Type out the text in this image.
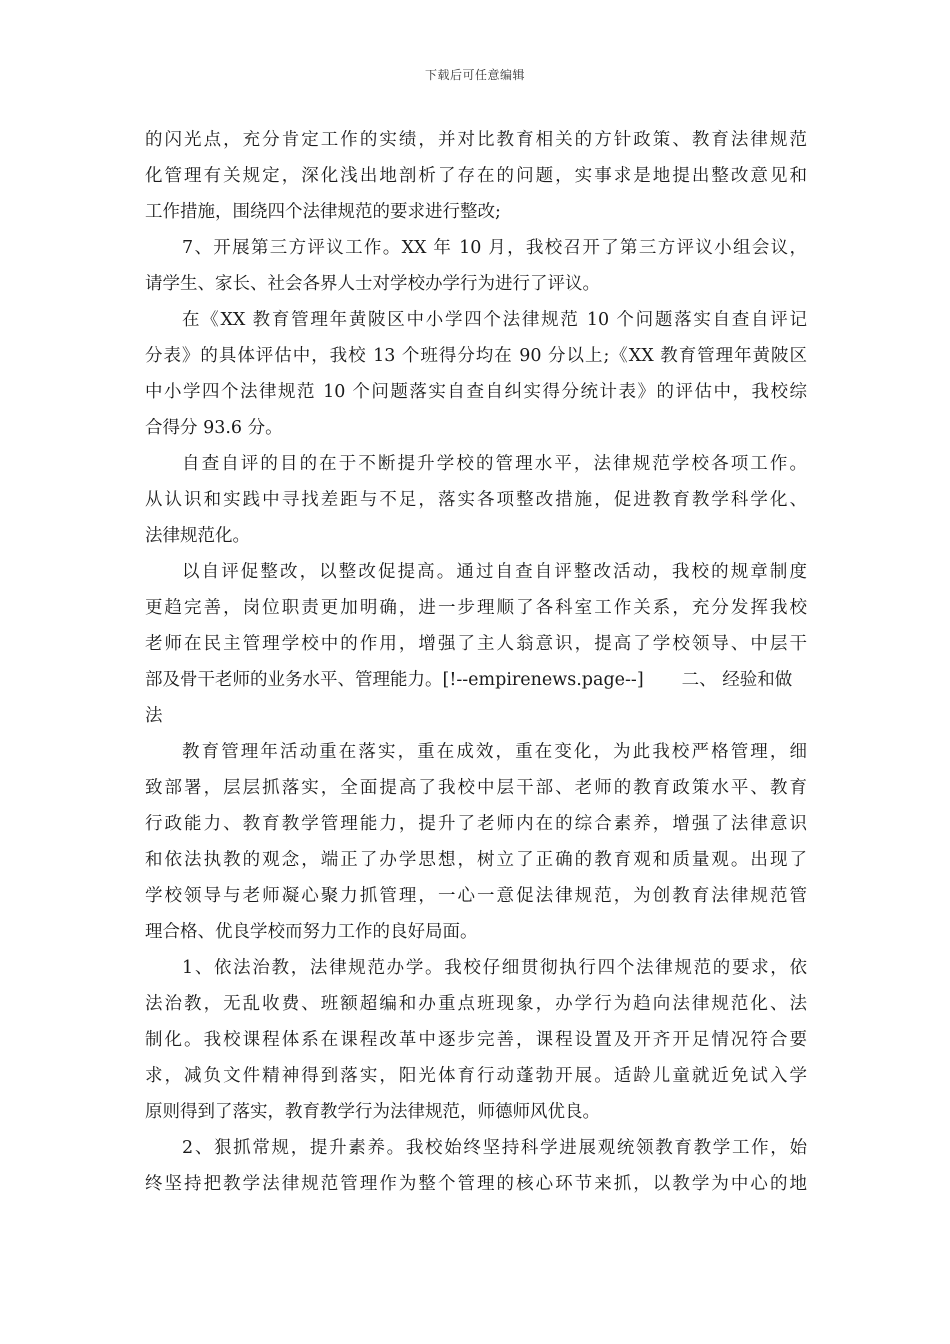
下载后可任意编辑
的闪光点，充分肯定工作的实绩，并对比教育相关的方针政策、教育法律规范
化管理有关规定，深化浅出地剖析了存在的问题，实事求是地提出整改意见和
工作措施，围绕四个法律规范的要求进行整改;
7、开展第三方评议工作。XX 年 10 月，我校召开了第三方评议小组会议，
请学生、家长、社会各界人士对学校办学行为进行了评议。
在《XX 教育管理年黄陂区中小学四个法律规范 10 个问题落实自查自评记
分表》的具体评估中，我校 13 个班得分均在 90 分以上;《XX 教育管理年黄陂区
中小学四个法律规范 10 个问题落实自查自纠实得分统计表》的评估中，我校综
合得分 93.6 分。
自查自评的目的在于不断提升学校的管理水平，法律规范学校各项工作。
从认识和实践中寻找差距与不足，落实各项整改措施，促进教育教学科学化、
法律规范化。
以自评促整改，以整改促提高。通过自查自评整改活动，我校的规章制度
更趋完善，岗位职责更加明确，进一步理顺了各科室工作关系，充分发挥我校
老师在民主管理学校中的作用，增强了主人翁意识，提高了学校领导、中层干
部及骨干老师的业务水平、管理能力。[!--empirenews.page--] 二、 经验和做
法
教育管理年活动重在落实，重在成效，重在变化，为此我校严格管理，细
致部署，层层抓落实，全面提高了我校中层干部、老师的教育政策水平、教育
行政能力、教育教学管理能力，提升了老师内在的综合素养，增强了法律意识
和依法执教的观念，端正了办学思想，树立了正确的教育观和质量观。出现了
学校领导与老师凝心聚力抓管理，一心一意促法律规范，为创教育法律规范管
理合格、优良学校而努力工作的良好局面。
1、依法治教，法律规范办学。我校仔细贯彻执行四个法律规范的要求，依
法治教，无乱收费、班额超编和办重点班现象，办学行为趋向法律规范化、法
制化。我校课程体系在课程改革中逐步完善，课程设置及开齐开足情况符合要
求，减负文件精神得到落实，阳光体育行动蓬勃开展。适龄儿童就近免试入学
原则得到了落实，教育教学行为法律规范，师德师风优良。
2、狠抓常规，提升素养。我校始终坚持科学进展观统领教育教学工作，始
终坚持把教学法律规范管理作为整个管理的核心环节来抓，以教学为中心的地
